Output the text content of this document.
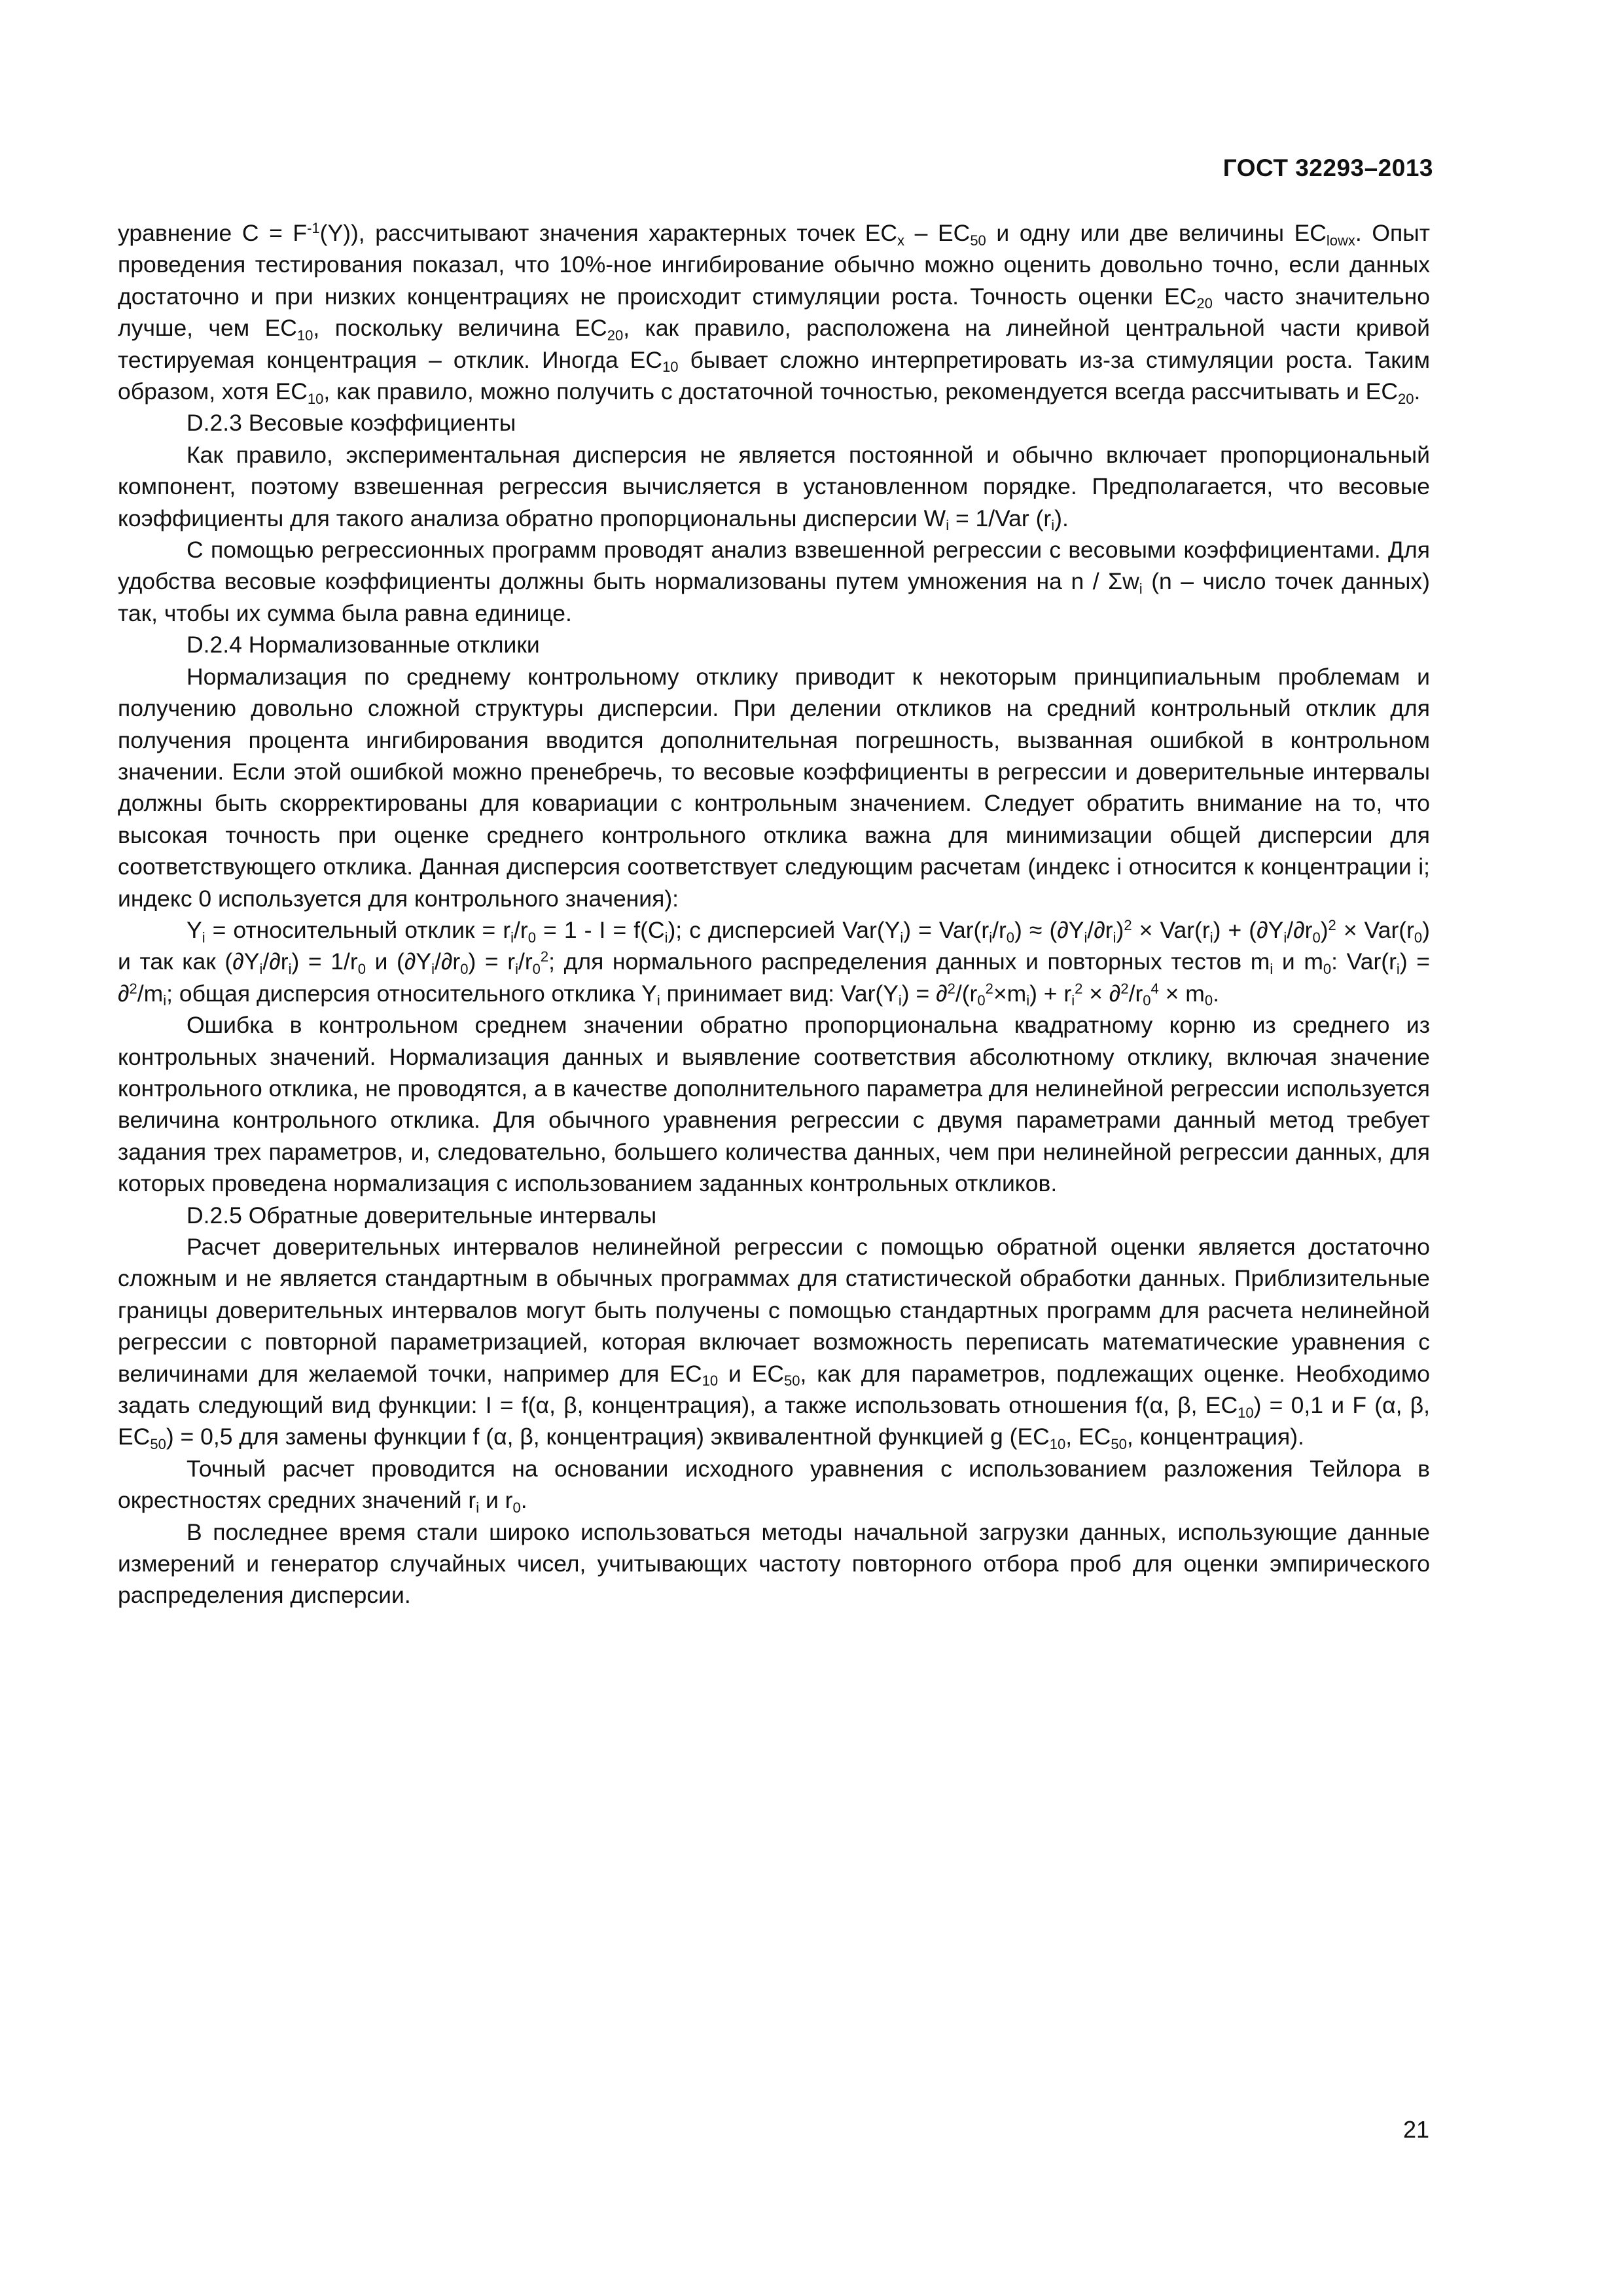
ГОСТ 32293–2013

уравнение $C = F^{-1}(Y)$), рассчитывают значения характерных точек $EC_x - EC_{50}$ и одну или две величины $EC_{lowx}$. Опыт проведения тестирования показал, что 10%-ное ингибирование обычно можно оценить довольно точно, если данных достаточно и при низких концентрациях не происходит стимуляции роста. Точность оценки $EC_{20}$ часто значительно лучше, чем $EC_{10}$, поскольку величина $EC_{20}$, как правило, расположена на линейной центральной части кривой тестируемая концентрация – отклик. Иногда $EC_{10}$ бывает сложно интерпретировать из-за стимуляции роста. Таким образом, хотя $EC_{10}$, как правило, можно получить с достаточной точностью, рекомендуется всегда рассчитывать и $EC_{20}$.

D.2.3 Весовые коэффициенты

Как правило, экспериментальная дисперсия не является постоянной и обычно включает пропорциональный компонент, поэтому взвешенная регрессия вычисляется в установленном порядке. Предполагается, что весовые коэффициенты для такого анализа обратно пропорциональны дисперсии $W_i = 1/Var$ $(r_i)$.

С помощью регрессионных программ проводят анализ взвешенной регрессии с весовыми коэффициентами. Для удобства весовые коэффициенты должны быть нормализованы путем умножения на n / $\Sigma w_i$ (n – число точек данных) так, чтобы их сумма была равна единице.

D.2.4 Нормализованные отклики

Нормализация по среднему контрольному отклику приводит к некоторым принципиальным проблемам и получению довольно сложной структуры дисперсии. При делении откликов на средний контрольный отклик для получения процента ингибирования вводится дополнительная погрешность, вызванная ошибкой в контрольном значении. Если этой ошибкой можно пренебречь, то весовые коэффициенты в регрессии и доверительные интервалы должны быть скорректированы для ковариации с контрольным значением. Следует обратить внимание на то, что высокая точность при оценке среднего контрольного отклика важна для минимизации общей дисперсии для соответствующего отклика. Данная дисперсия соответствует следующим расчетам (индекс i относится к концентрации i; индекс 0 используется для контрольного значения):

$Y_i$ = относительный отклик = $r_i/r_0 = 1 - I = f(C_i)$; с дисперсией $Var(Y_i) = Var(r_i/r_0) \approx (\partial Y_i/\partial r_i)^2 \times Var(r_i) + (\partial Y_i/\partial r_0)^2 \times Var(r_0)$ и так как $(\partial Y_i/\partial r_i) = 1/r_0$ и $(\partial Y_i/\partial r_0) = r_i/r_0^2$; для нормального распределения данных и повторных тестов $m_i$ и $m_0$: $Var(r_i) = \partial^2/m_i$; общая дисперсия относительного отклика $Y_i$ принимает вид: $Var(Y_i) = \partial^2/(r_0^2\times m_i) + r_i^2 \times \partial^2/r_0^4 \times m_0$.

Ошибка в контрольном среднем значении обратно пропорциональна квадратному корню из среднего из контрольных значений. Нормализация данных и выявление соответствия абсолютному отклику, включая значение контрольного отклика, не проводятся, а в качестве дополнительного параметра для нелинейной регрессии используется величина контрольного отклика. Для обычного уравнения регрессии с двумя параметрами данный метод требует задания трех параметров, и, следовательно, большего количества данных, чем при нелинейной регрессии данных, для которых проведена нормализация с использованием заданных контрольных откликов.

D.2.5 Обратные доверительные интервалы

Расчет доверительных интервалов нелинейной регрессии с помощью обратной оценки является достаточно сложным и не является стандартным в обычных программах для статистической обработки данных. Приблизительные границы доверительных интервалов могут быть получены с помощью стандартных программ для расчета нелинейной регрессии с повторной параметризацией, которая включает возможность переписать математические уравнения с величинами для желаемой точки, например для $EC_{10}$ и $EC_{50}$, как для параметров, подлежащих оценке. Необходимо задать следующий вид функции: I = f(α, β, концентрация), а также использовать отношения f(α, β, $EC_{10}) = 0,1$ и F (α, β, $EC_{50}) = 0,5$ для замены функции f (α, β, концентрация) эквивалентной функцией g ($EC_{10}$, $EC_{50}$, концентрация).

Точный расчет проводится на основании исходного уравнения с использованием разложения Тейлора в окрестностях средних значений $r_i$ и $r_0$.

В последнее время стали широко использоваться методы начальной загрузки данных, использующие данные измерений и генератор случайных чисел, учитывающих частоту повторного отбора проб для оценки эмпирического распределения дисперсии.

21
